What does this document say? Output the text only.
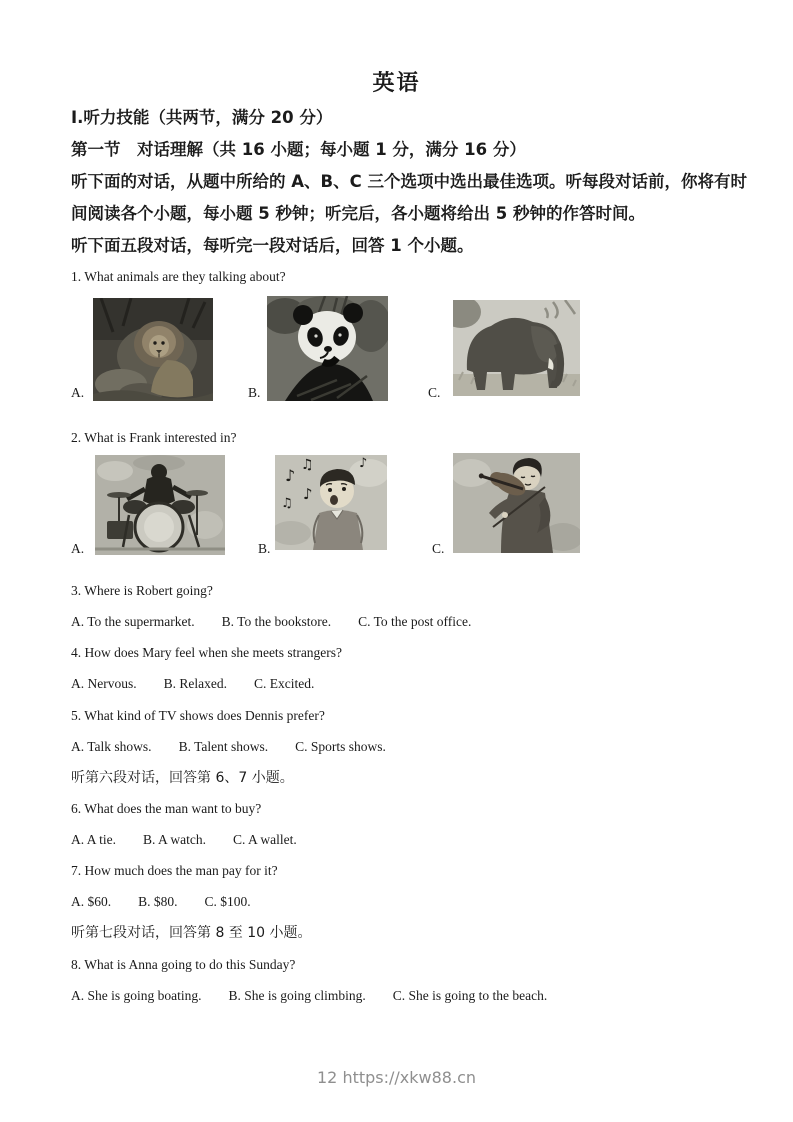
英语
I.听力技能（共两节，满分 20 分）
第一节　对话理解（共 16 小题；每小题 1 分，满分 16 分）
听下面的对话，从题中所给的 A、B、C 三个选项中选出最佳选项。听每段对话前，你将有时
间阅读各个小题，每小题 5 秒钟；听完后，各小题将给出 5 秒钟的作答时间。
听下面五段对话，每听完一段对话后，回答 1 个小题。
1. What animals are they talking about?
A.	B.	C.
2. What is Frank interested in?
A.	B.
♪
♫
♫
♪
♪
C.
3. Where is Robert going?
A. To the supermarket. B. To the bookstore. C. To the post office.
4. How does Mary feel when she meets strangers?
A. Nervous. B. Relaxed. C. Excited.
5. What kind of TV shows does Dennis prefer?
A. Talk shows. B. Talent shows. C. Sports shows.
听第六段对话，回答第 6、7 小题。
6. What does the man want to buy?
A. A tie. B. A watch. C. A wallet.
7. How much does the man pay for it?
A. $60. B. $80. C. $100.
听第七段对话，回答第 8 至 10 小题。
8. What is Anna going to do this Sunday?
A. She is going boating. B. She is going climbing. C. She is going to the beach.
12 https://xkw88.cn
